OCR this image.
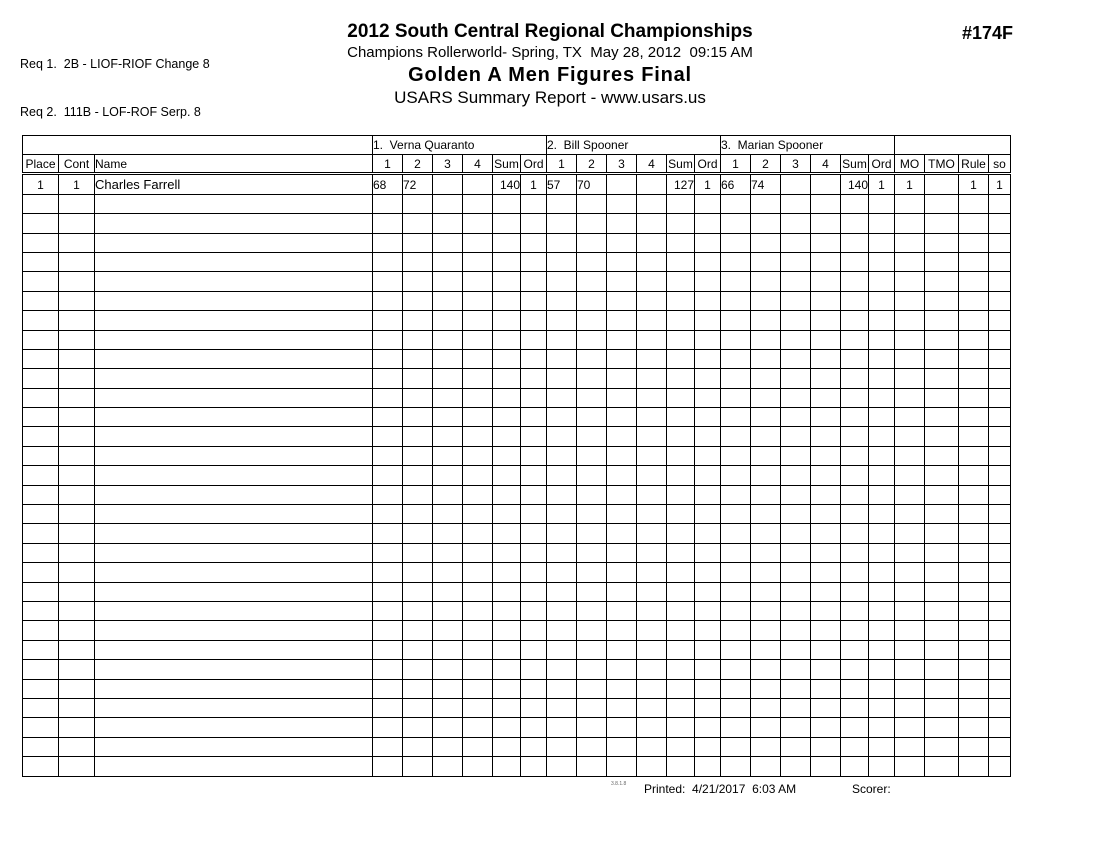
Req 1.  2B - LIOF-RIOF Change 8

Req 2.  111B - LOF-ROF Serp. 8

2012 South Central Regional Championships
Champions Rollerworld- Spring, TX  May 28, 2012  09:15 AM
Golden A Men Figures Final
USARS Summary Report - www.usars.us
#174F
			1.  Verna Quaranto						2.  Bill Spooner						3.  Marian Spooner									
Place	Cont	Name	1	2	3	4	Sum	Ord	1	2	3	4	Sum	Ord	1	2	3	4	Sum	Ord	MO	TMO	Rule	so
1	1	Charles Farrell	68	72			140	1	57	70			127	1	66	74			140	1	1		1	1

3.8.1.8 Printed:  4/21/2017  6:03 AM	Scorer:
